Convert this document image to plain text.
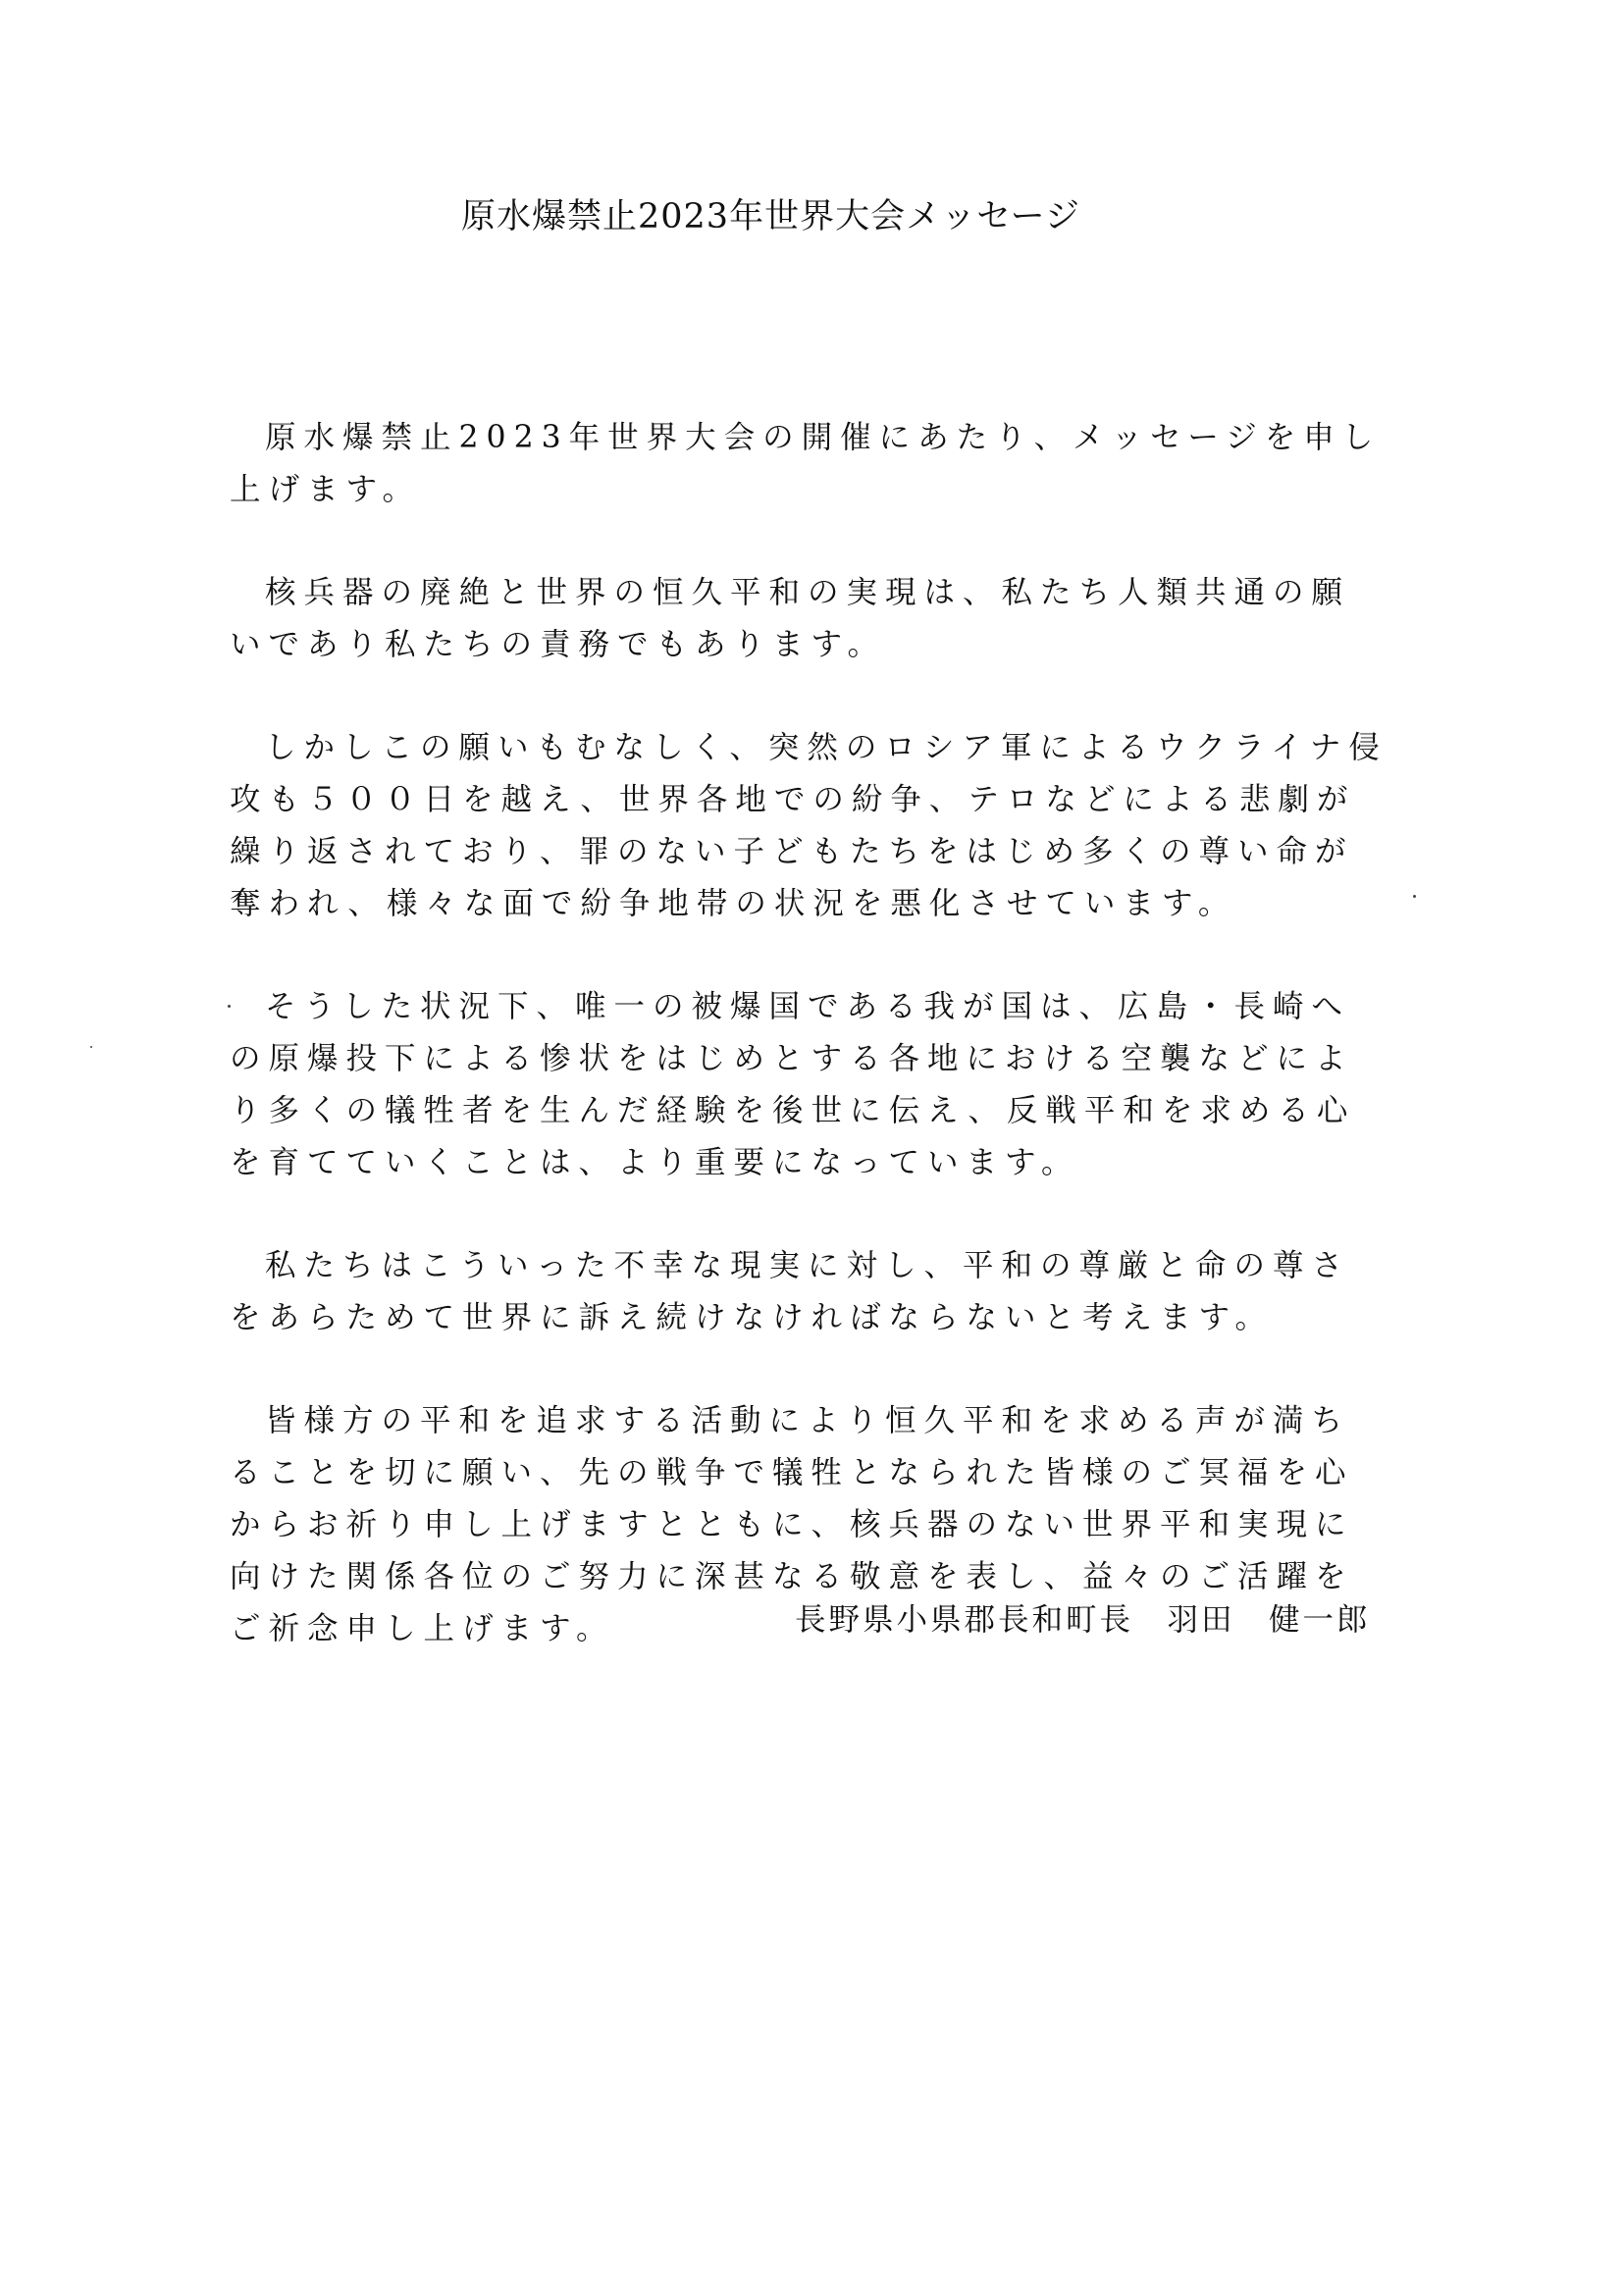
原水爆禁止2023年世界大会メッセージ

原水爆禁止2023年世界大会の開催にあたり、メッセージを申し上げます。

核兵器の廃絶と世界の恒久平和の実現は、私たち人類共通の願いであり私たちの責務でもあります。

しかしこの願いもむなしく、突然のロシア軍によるウクライナ侵攻も５００日を越え、世界各地での紛争、テロなどによる悲劇が繰り返されており、罪のない子どもたちをはじめ多くの尊い命が奪われ、様々な面で紛争地帯の状況を悪化させています。

そうした状況下、唯一の被爆国である我が国は、広島・長崎への原爆投下による惨状をはじめとする各地における空襲などにより多くの犠牲者を生んだ経験を後世に伝え、反戦平和を求める心を育てていくことは、より重要になっています。

私たちはこういった不幸な現実に対し、平和の尊厳と命の尊さをあらためて世界に訴え続けなければならないと考えます。

皆様方の平和を追求する活動により恒久平和を求める声が満ちることを切に願い、先の戦争で犠牲となられた皆様のご冥福を心からお祈り申し上げますとともに、核兵器のない世界平和実現に向けた関係各位のご努力に深甚なる敬意を表し、益々のご活躍をご祈念申し上げます。	長野県小県郡長和町長　羽田　健一郎
